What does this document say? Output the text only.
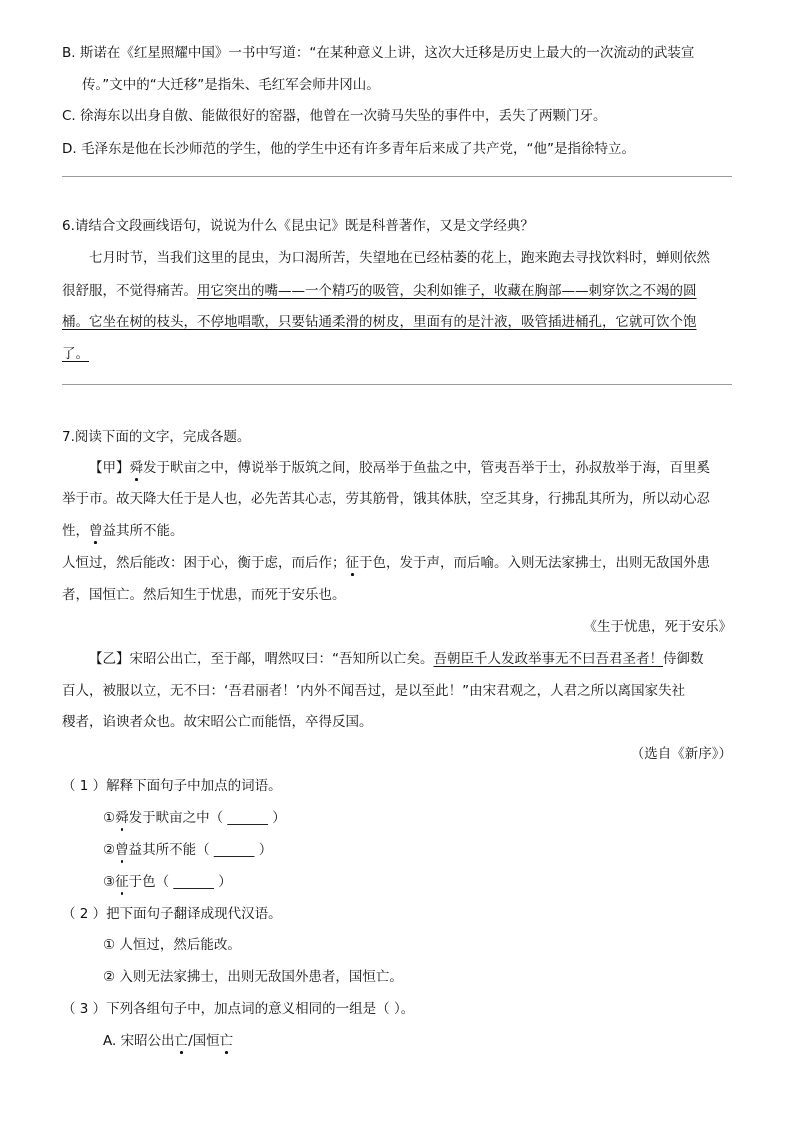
B. 斯诺在《红星照耀中国》一书中写道：“在某种意义上讲，这次大迁移是历史上最大的一次流动的武装宣
传。”文中的“大迁移”是指朱、毛红军会师井冈山。
C. 徐海东以出身自傲、能做很好的窑器，他曾在一次骑马失坠的事件中，丢失了两颗门牙。
D. 毛泽东是他在长沙师范的学生，他的学生中还有许多青年后来成了共产党，“他”是指徐特立。
6.请结合文段画线语句，说说为什么《昆虫记》既是科普著作，又是文学经典？
七月时节，当我们这里的昆虫，为口渴所苦，失望地在已经枯萎的花上，跑来跑去寻找饮料时，蝉则依然
很舒服，不觉得痛苦。用它突出的嘴——一个精巧的吸管，尖利如锥子，收藏在胸部——刺穿饮之不竭的圆
桶。它坐在树的枝头，不停地唱歌，只要钻通柔滑的树皮，里面有的是汁液，吸管插进桶孔，它就可饮个饱
了。
7.阅读下面的文字，完成各题。
【甲】舜发于畎亩之中，傅说举于版筑之间，胶鬲举于鱼盐之中，管夷吾举于士，孙叔敖举于海，百里奚
举于市。故天降大任于是人也，必先苦其心志，劳其筋骨，饿其体肤，空乏其身，行拂乱其所为，所以动心忍
性，曾益其所不能。
人恒过，然后能改：困于心，衡于虑，而后作；征于色，发于声，而后喻。入则无法家拂士，出则无敌国外患
者，国恒亡。然后知生于忧患，而死于安乐也。
《生于忧患，死于安乐》
【乙】宋昭公出亡，至于鄗，喟然叹曰：“吾知所以亡矣。吾朝臣千人发政举事无不曰吾君圣者！侍御数
百人，被服以立，无不曰：‘吾君丽者！’内外不闻吾过，是以至此！”由宋君观之，人君之所以离国家失社
稷者，谄谀者众也。故宋昭公亡而能悟，卒得反国。
（选自《新序》）
（ 1 ）解释下面句子中加点的词语。
①舜发于畎亩之中（ ______ ）
②曾益其所不能（ ______ ）
③征于色（ ______ ）
（ 2 ）把下面句子翻译成现代汉语。
① 人恒过，然后能改。
② 入则无法家拂士，出则无敌国外患者，国恒亡。
（ 3 ）下列各组句子中，加点词的意义相同的一组是（ ）。
A. 宋昭公出亡/国恒亡
